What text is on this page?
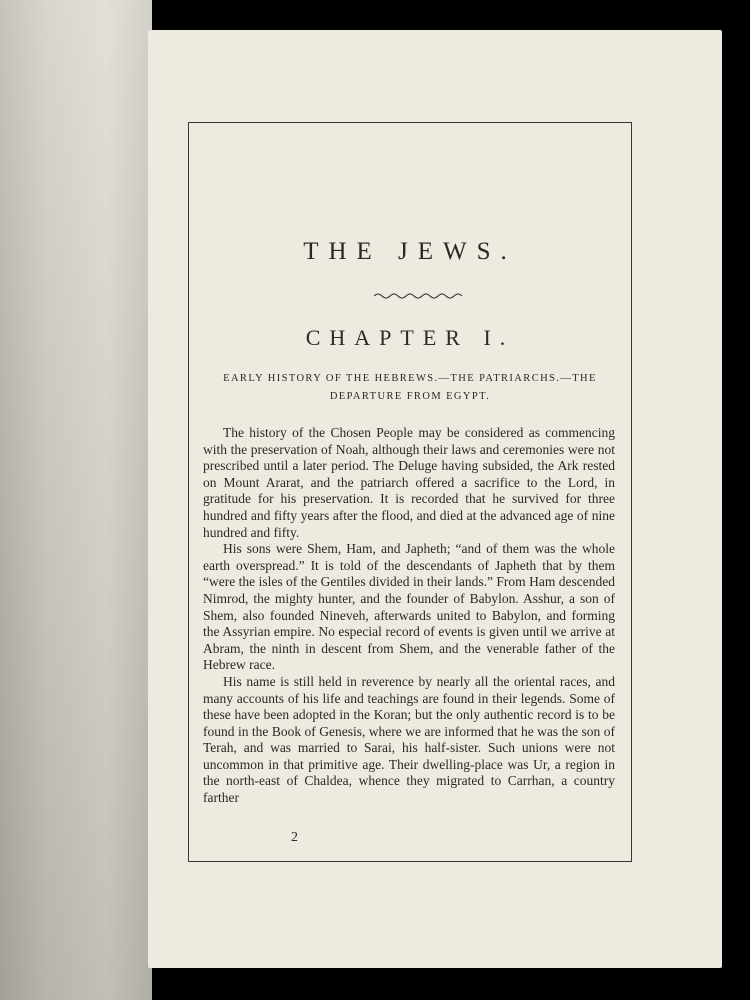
THE JEWS.
CHAPTER I.
EARLY HISTORY OF THE HEBREWS.—THE PATRIARCHS.—THE
DEPARTURE FROM EGYPT.

The history of the Chosen People may be considered as commencing with the preservation of Noah, although their laws and ceremonies were not prescribed until a later period. The Deluge having subsided, the Ark rested on Mount Ararat, and the patriarch offered a sacrifice to the Lord, in gratitude for his preservation. It is recorded that he survived for three hundred and fifty years after the flood, and died at the advanced age of nine hundred and fifty.

His sons were Shem, Ham, and Japheth; “and of them was the whole earth overspread.” It is told of the descendants of Japheth that by them “were the isles of the Gentiles divided in their lands.” From Ham descended Nimrod, the mighty hunter, and the founder of Babylon. Asshur, a son of Shem, also founded Nineveh, afterwards united to Babylon, and forming the Assyrian empire. No especial record of events is given until we arrive at Abram, the ninth in descent from Shem, and the venerable father of the Hebrew race.

His name is still held in reverence by nearly all the oriental races, and many accounts of his life and teachings are found in their legends. Some of these have been adopted in the Koran; but the only authentic record is to be found in the Book of Genesis, where we are informed that he was the son of Terah, and was married to Sarai, his half-sister. Such unions were not uncommon in that primitive age. Their dwelling-place was Ur, a region in the north-east of Chaldea, whence they migrated to Carrhan, a country farther

2
